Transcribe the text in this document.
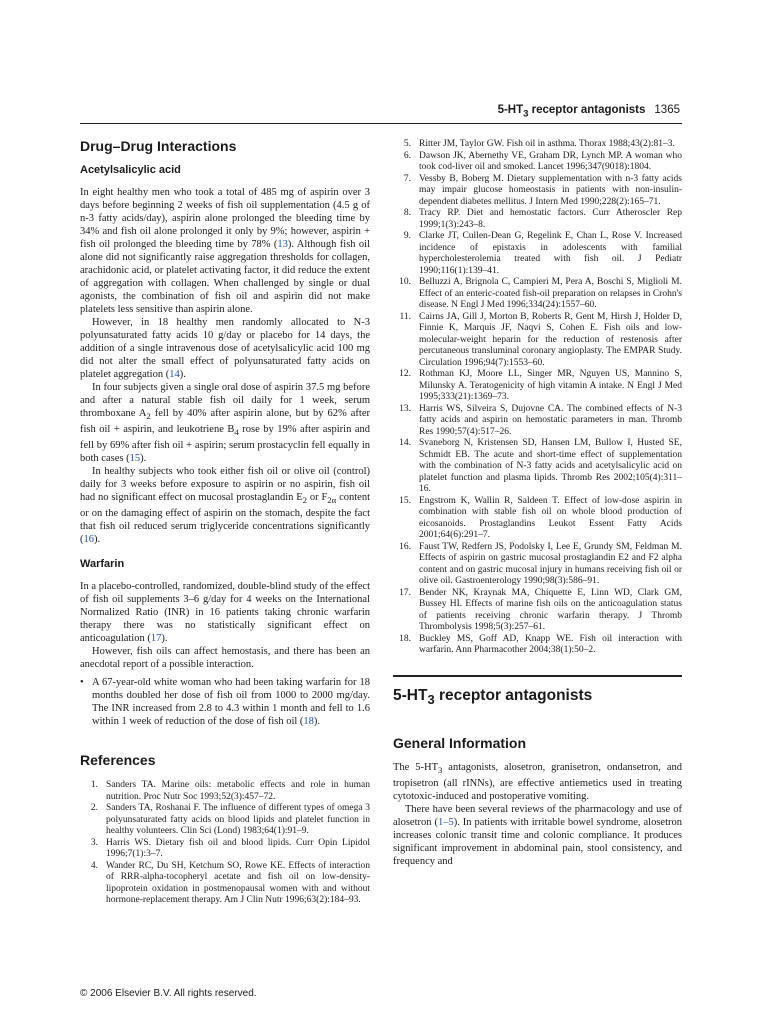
$5-HT_3$ receptor antagonists 1365
Drug–Drug Interactions
Acetylsalicylic acid

In eight healthy men who took a total of 485 mg of aspirin over 3 days before beginning 2 weeks of fish oil supplementation (4.5 g of n-3 fatty acids/day), aspirin alone prolonged the bleeding time by 34% and fish oil alone prolonged it only by 9%; however, aspirin + fish oil prolonged the bleeding time by 78% (13). Although fish oil alone did not significantly raise aggregation thresholds for collagen, arachidonic acid, or platelet activating factor, it did reduce the extent of aggregation with collagen. When challenged by single or dual agonists, the combination of fish oil and aspirin did not make platelets less sensitive than aspirin alone.

However, in 18 healthy men randomly allocated to N-3 polyunsaturated fatty acids 10 g/day or placebo for 14 days, the addition of a single intravenous dose of acetylsalicylic acid 100 mg did not alter the small effect of polyunsaturated fatty acids on platelet aggregation (14).

In four subjects given a single oral dose of aspirin 37.5 mg before and after a natural stable fish oil daily for 1 week, serum thromboxane $A_2$ fell by 40% after aspirin alone, but by 62% after fish oil + aspirin, and leukotriene $B_4$ rose by 19% after aspirin and fell by 69% after fish oil + aspirin; serum prostacyclin fell equally in both cases (15).

In healthy subjects who took either fish oil or olive oil (control) daily for 3 weeks before exposure to aspirin or no aspirin, fish oil had no significant effect on mucosal prostaglandin $E_2$ or $F_{2\alpha}$ content or on the damaging effect of aspirin on the stomach, despite the fact that fish oil reduced serum triglyceride concentrations significantly (16).

Warfarin

In a placebo-controlled, randomized, double-blind study of the effect of fish oil supplements 3–6 g/day for 4 weeks on the International Normalized Ratio (INR) in 16 patients taking chronic warfarin therapy there was no statistically significant effect on anticoagulation (17).

However, fish oils can affect hemostasis, and there has been an anecdotal report of a possible interaction.

• A 67-year-old white woman who had been taking warfarin for 18 months doubled her dose of fish oil from 1000 to 2000 mg/day. The INR increased from 2.8 to 4.3 within 1 month and fell to 1.6 within 1 week of reduction of the dose of fish oil (18).

References
1. Sanders TA. Marine oils: metabolic effects and role in human nutrition. Proc Nutr Soc 1993;52(3):457–72.
2. Sanders TA, Roshanai F. The influence of different types of omega 3 polyunsaturated fatty acids on blood lipids and platelet function in healthy volunteers. Clin Sci (Lond) 1983;64(1):91–9.
3. Harris WS. Dietary fish oil and blood lipids. Curr Opin Lipidol 1996;7(1):3–7.
4. Wander RC, Du SH, Ketchum SO, Rowe KE. Effects of interaction of RRR-alpha-tocopheryl acetate and fish oil on low-density-lipoprotein oxidation in postmenopausal women with and without hormone-replacement therapy. Am J Clin Nutr 1996;63(2):184–93.
5. Ritter JM, Taylor GW. Fish oil in asthma. Thorax 1988;43(2):81–3.
6. Dawson JK, Abernethy VE, Graham DR, Lynch MP. A woman who took cod-liver oil and smoked. Lancet 1996;347(9018):1804.
7. Vessby B, Boberg M. Dietary supplementation with n-3 fatty acids may impair glucose homeostasis in patients with non-insulin-dependent diabetes mellitus. J Intern Med 1990;228(2):165–71.
8. Tracy RP. Diet and hemostatic factors. Curr Atheroscler Rep 1999;1(3):243–8.
9. Clarke JT, Cullen-Dean G, Regelink E, Chan L, Rose V. Increased incidence of epistaxis in adolescents with familial hypercholesterolemia treated with fish oil. J Pediatr 1990;116(1):139–41.
10. Belluzzi A, Brignola C, Campieri M, Pera A, Boschi S, Miglioli M. Effect of an enteric-coated fish-oil preparation on relapses in Crohn's disease. N Engl J Med 1996;334(24):1557–60.
11. Cairns JA, Gill J, Morton B, Roberts R, Gent M, Hirsh J, Holder D, Finnie K, Marquis JF, Naqvi S, Cohen E. Fish oils and low-molecular-weight heparin for the reduction of restenosis after percutaneous transluminal coronary angioplasty. The EMPAR Study. Circulation 1996;94(7):1553–60.
12. Rothman KJ, Moore LL, Singer MR, Nguyen US, Mannino S, Milunsky A. Teratogenicity of high vitamin A intake. N Engl J Med 1995;333(21):1369–73.
13. Harris WS, Silveira S, Dujovne CA. The combined effects of N-3 fatty acids and aspirin on hemostatic parameters in man. Thromb Res 1990;57(4):517–26.
14. Svaneborg N, Kristensen SD, Hansen LM, Bullow I, Husted SE, Schmidt EB. The acute and short-time effect of supplementation with the combination of N-3 fatty acids and acetylsalicylic acid on platelet function and plasma lipids. Thromb Res 2002;105(4):311–16.
15. Engstrom K, Wallin R, Saldeen T. Effect of low-dose aspirin in combination with stable fish oil on whole blood production of eicosanoids. Prostaglandins Leukot Essent Fatty Acids 2001;64(6):291–7.
16. Faust TW, Redfern JS, Podolsky I, Lee E, Grundy SM, Feldman M. Effects of aspirin on gastric mucosal prostaglandin E2 and F2 alpha content and on gastric mucosal injury in humans receiving fish oil or olive oil. Gastroenterology 1990;98(3):586–91.
17. Bender NK, Kraynak MA, Chiquette E, Linn WD, Clark GM, Bussey HI. Effects of marine fish oils on the anticoagulation status of patients receiving chronic warfarin therapy. J Thromb Thrombolysis 1998;5(3):257–61.
18. Buckley MS, Goff AD, Knapp WE. Fish oil interaction with warfarin. Ann Pharmacother 2004;38(1):50–2.
$5-HT_3$ receptor antagonists
General Information

The $5-HT_3$ antagonists, alosetron, granisetron, ondansetron, and tropisetron (all rINNs), are effective antiemetics used in treating cytotoxic-induced and postoperative vomiting.

There have been several reviews of the pharmacology and use of alosetron (1–5). In patients with irritable bowel syndrome, alosetron increases colonic transit time and colonic compliance. It produces significant improvement in abdominal pain, stool consistency, and frequency and

© 2006 Elsevier B.V. All rights reserved.
